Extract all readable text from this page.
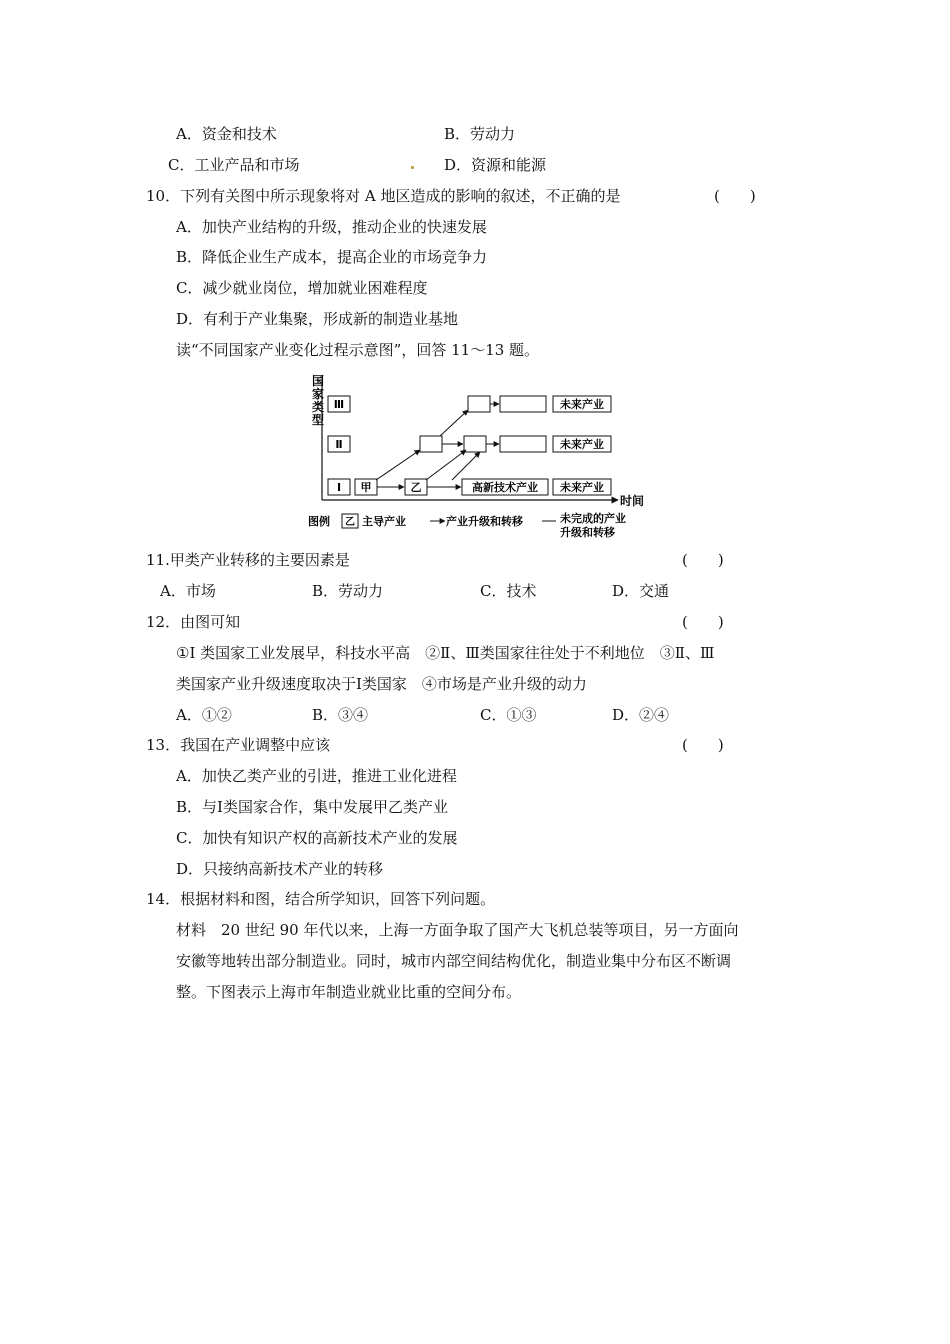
A．资金和技术	B．劳动力
C．工业产品和市场	D．资源和能源
10．下列有关图中所示现象将对 A 地区造成的影响的叙述，不正确的是	(　　)
A．加快产业结构的升级，推动企业的快速发展
B．降低企业生产成本，提高企业的市场竞争力
C．减少就业岗位，增加就业困难程度
D．有利于产业集聚，形成新的制造业基地
读“不同国家产业变化过程示意图”，回答 11～13 题。
国
家
类
型
时间
Ⅲ
Ⅱ
Ⅰ 甲	乙	高新技术产业 未来产业
未来产业
未来产业
图例 乙 主导产业	产业升级和转移	未完成的产业
升级和转移
11.甲类产业转移的主要因素是	(　　)
A．市场	B．劳动力	C．技术	D．交通
12．由图可知	(　　)
①Ⅰ 类国家工业发展早，科技水平高　②Ⅱ、Ⅲ类国家往往处于不利地位　③Ⅱ、Ⅲ
类国家产业升级速度取决于Ⅰ类国家　④市场是产业升级的动力
A．①②	B．③④	C．①③	D．②④
13．我国在产业调整中应该	(　　)
A．加快乙类产业的引进，推进工业化进程
B．与Ⅰ类国家合作，集中发展甲乙类产业
C．加快有知识产权的高新技术产业的发展
D．只接纳高新技术产业的转移
14．根据材料和图，结合所学知识，回答下列问题。
材料　20 世纪 90 年代以来，上海一方面争取了国产大飞机总装等项目，另一方面向
安徽等地转出部分制造业。同时，城市内部空间结构优化，制造业集中分布区不断调
整。下图表示上海市年制造业就业比重的空间分布。
